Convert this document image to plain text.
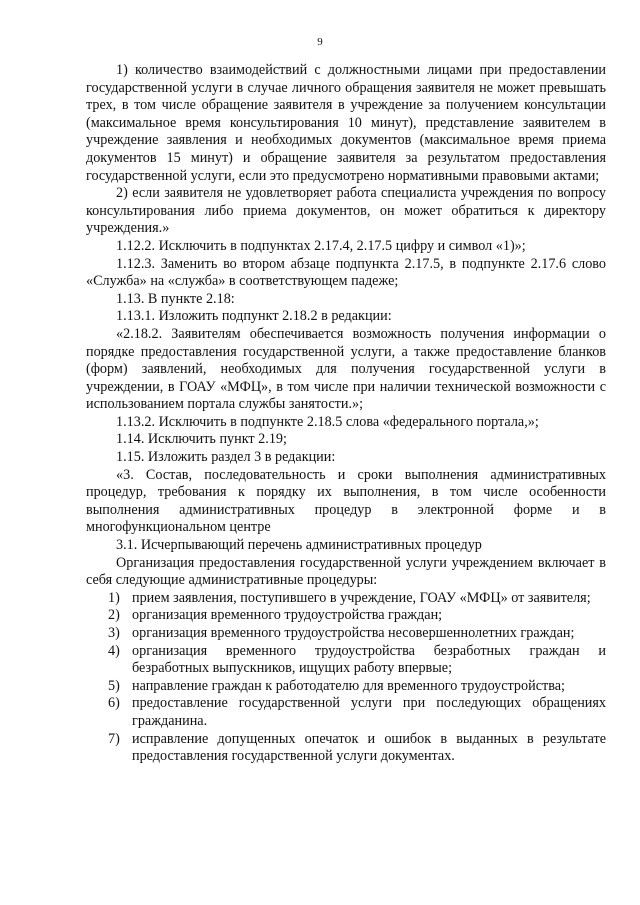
9

1) количество взаимодействий с должностными лицами при предоставлении государственной услуги в случае личного обращения заявителя не может превышать трех, в том числе обращение заявителя в учреждение за получением консультации (максимальное время консультирования 10 минут), представление заявителем в учреждение заявления и необходимых документов (максимальное время приема документов 15 минут) и обращение заявителя за результатом предоставления государственной услуги, если это предусмотрено нормативными правовыми актами;

2) если заявителя не удовлетворяет работа специалиста учреждения по вопросу консультирования либо приема документов, он может обратиться к директору учреждения.»

1.12.2. Исключить в подпунктах 2.17.4, 2.17.5 цифру и символ «1)»;

1.12.3. Заменить во втором абзаце подпункта 2.17.5, в подпункте 2.17.6 слово «Служба» на «служба» в соответствующем падеже;

1.13. В пункте 2.18:

1.13.1. Изложить подпункт 2.18.2 в редакции:

«2.18.2. Заявителям обеспечивается возможность получения информации о порядке предоставления государственной услуги, а также предоставление бланков (форм) заявлений, необходимых для получения государственной услуги в учреждении, в ГОАУ «МФЦ», в том числе при наличии технической возможности с использованием портала службы занятости.»;

1.13.2. Исключить в подпункте 2.18.5 слова «федерального портала,»;

1.14. Исключить пункт 2.19;

1.15. Изложить раздел 3 в редакции:

«3. Состав, последовательность и сроки выполнения административных процедур, требования к порядку их выполнения, в том числе особенности выполнения административных процедур в электронной форме и в многофункциональном центре

3.1. Исчерпывающий перечень административных процедур

Организация предоставления государственной услуги учреждением включает в себя следующие административные процедуры:

1) прием заявления, поступившего в учреждение, ГОАУ «МФЦ» от заявителя;
2) организация временного трудоустройства граждан;
3) организация временного трудоустройства несовершеннолетних граждан;
4) организация временного трудоустройства безработных граждан и безработных выпускников, ищущих работу впервые;
5) направление граждан к работодателю для временного трудоустройства;
6) предоставление государственной услуги при последующих обращениях гражданина.
7) исправление допущенных опечаток и ошибок в выданных в результате предоставления государственной услуги документах.
